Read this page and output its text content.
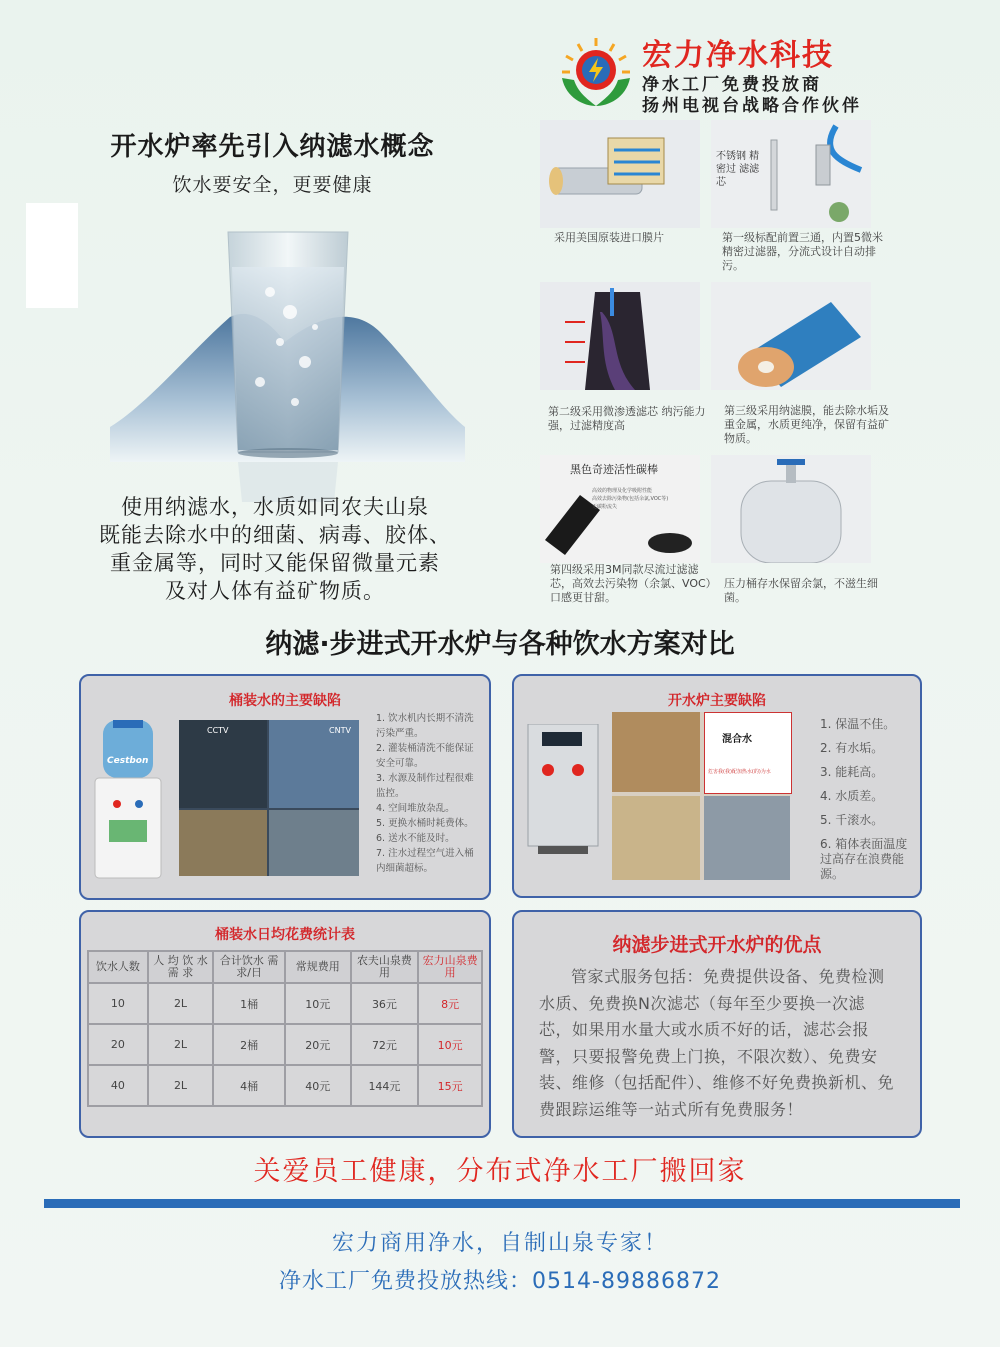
宏力净水科技
净水工厂免费投放商
扬州电视台战略合作伙伴
开水炉率先引入纳滤水概念
饮水要安全，更要健康
使用纳滤水，水质如同农夫山泉
既能去除水中的细菌、病毒、胶体、
重金属等，同时又能保留微量元素
及对人体有益矿物质。
采用美国原装进口膜片
不锈钢 精密过 滤滤芯
第一级标配前置三通，内置5微米精密过滤器，分流式设计自动排污。
第二级采用微渗透滤芯 纳污能力强，过滤精度高
第三级采用纳滤膜，能去除水垢及重金属，水质更纯净，保留有益矿物质。
黑色奇迹活性碳棒
高效的物理及化学吸附性能
高效去除污染物(包括余氯,VOC等)
无碳粉流失
第四级采用3M同款尽流过滤滤芯，高效去污染物（余氯、VOC）口感更甘甜。
压力桶存水保留余氯，不滋生细菌。
纳滤·步进式开水炉与各种饮水方案对比
桶装水的主要缺陷
Cestbon
CCTV	CNTV
1. 饮水机内长期不清洗污染严重。
2. 灌装桶清洗不能保证安全可靠。
3. 水源及制作过程很难监控。
4. 空间堆放杂乱。
5. 更换水桶时耗费体。
6. 送水不能及时。
7. 注水过程空气进入桶内细菌超标。
开水炉主要缺陷
混合水
危害我(我)配加热水(的)为水
1. 保温不佳。
2. 有水垢。
3. 能耗高。
4. 水质差。
5. 千滚水。
6. 箱体表面温度过高存在浪费能源。
桶装水日均花费统计表
饮水人数	人 均 饮 水 需 求	合计饮水 需 求/日	常规费用	农夫山泉费用	宏力山泉费用
10	2L	1桶	10元	36元	8元
20	2L	2桶	20元	72元	10元
40	2L	4桶	40元	144元	15元
纳滤步进式开水炉的优点
管家式服务包括：免费提供设备、免费检测水质、免费换N次滤芯（每年至少要换一次滤芯，如果用水量大或水质不好的话，滤芯会报警，只要报警免费上门换，不限次数）、免费安装、维修（包括配件）、维修不好免费换新机、免费跟踪运维等一站式所有免费服务！
关爱员工健康，分布式净水工厂搬回家
宏力商用净水，自制山泉专家！
净水工厂免费投放热线：0514-89886872
